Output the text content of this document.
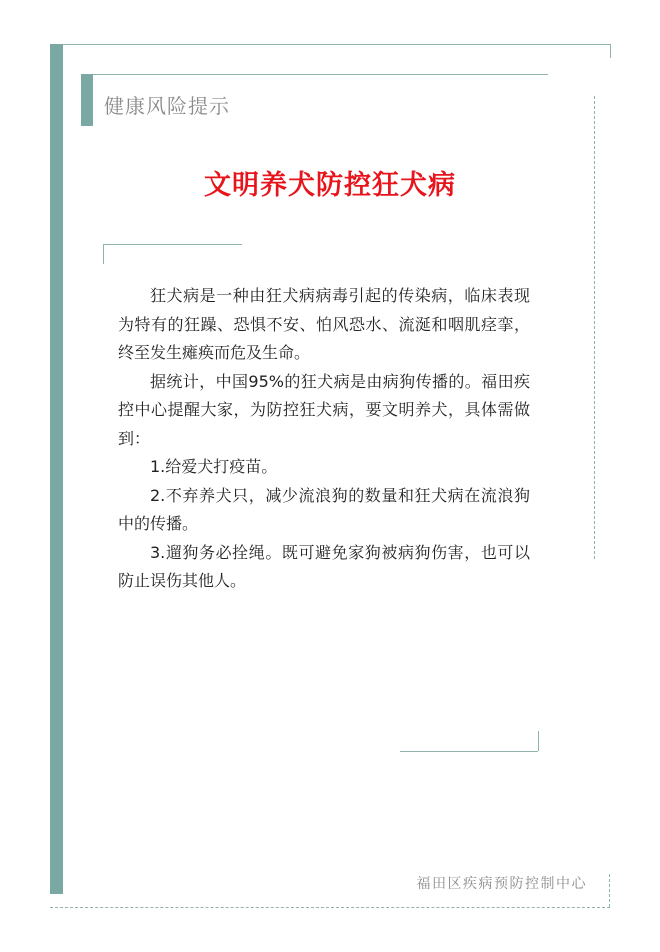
健康风险提示
文明养犬防控狂犬病

狂犬病是一种由狂犬病病毒引起的传染病，临床表现为特有的狂躁、恐惧不安、怕风恐水、流涎和咽肌痉挛，终至发生瘫痪而危及生命。

据统计，中国95%的狂犬病是由病狗传播的。福田疾控中心提醒大家，为防控狂犬病，要文明养犬，具体需做到：

1.给爱犬打疫苗。

2.不弃养犬只，减少流浪狗的数量和狂犬病在流浪狗中的传播。

3.遛狗务必拴绳。既可避免家狗被病狗伤害，也可以防止误伤其他人。

福田区疾病预防控制中心
